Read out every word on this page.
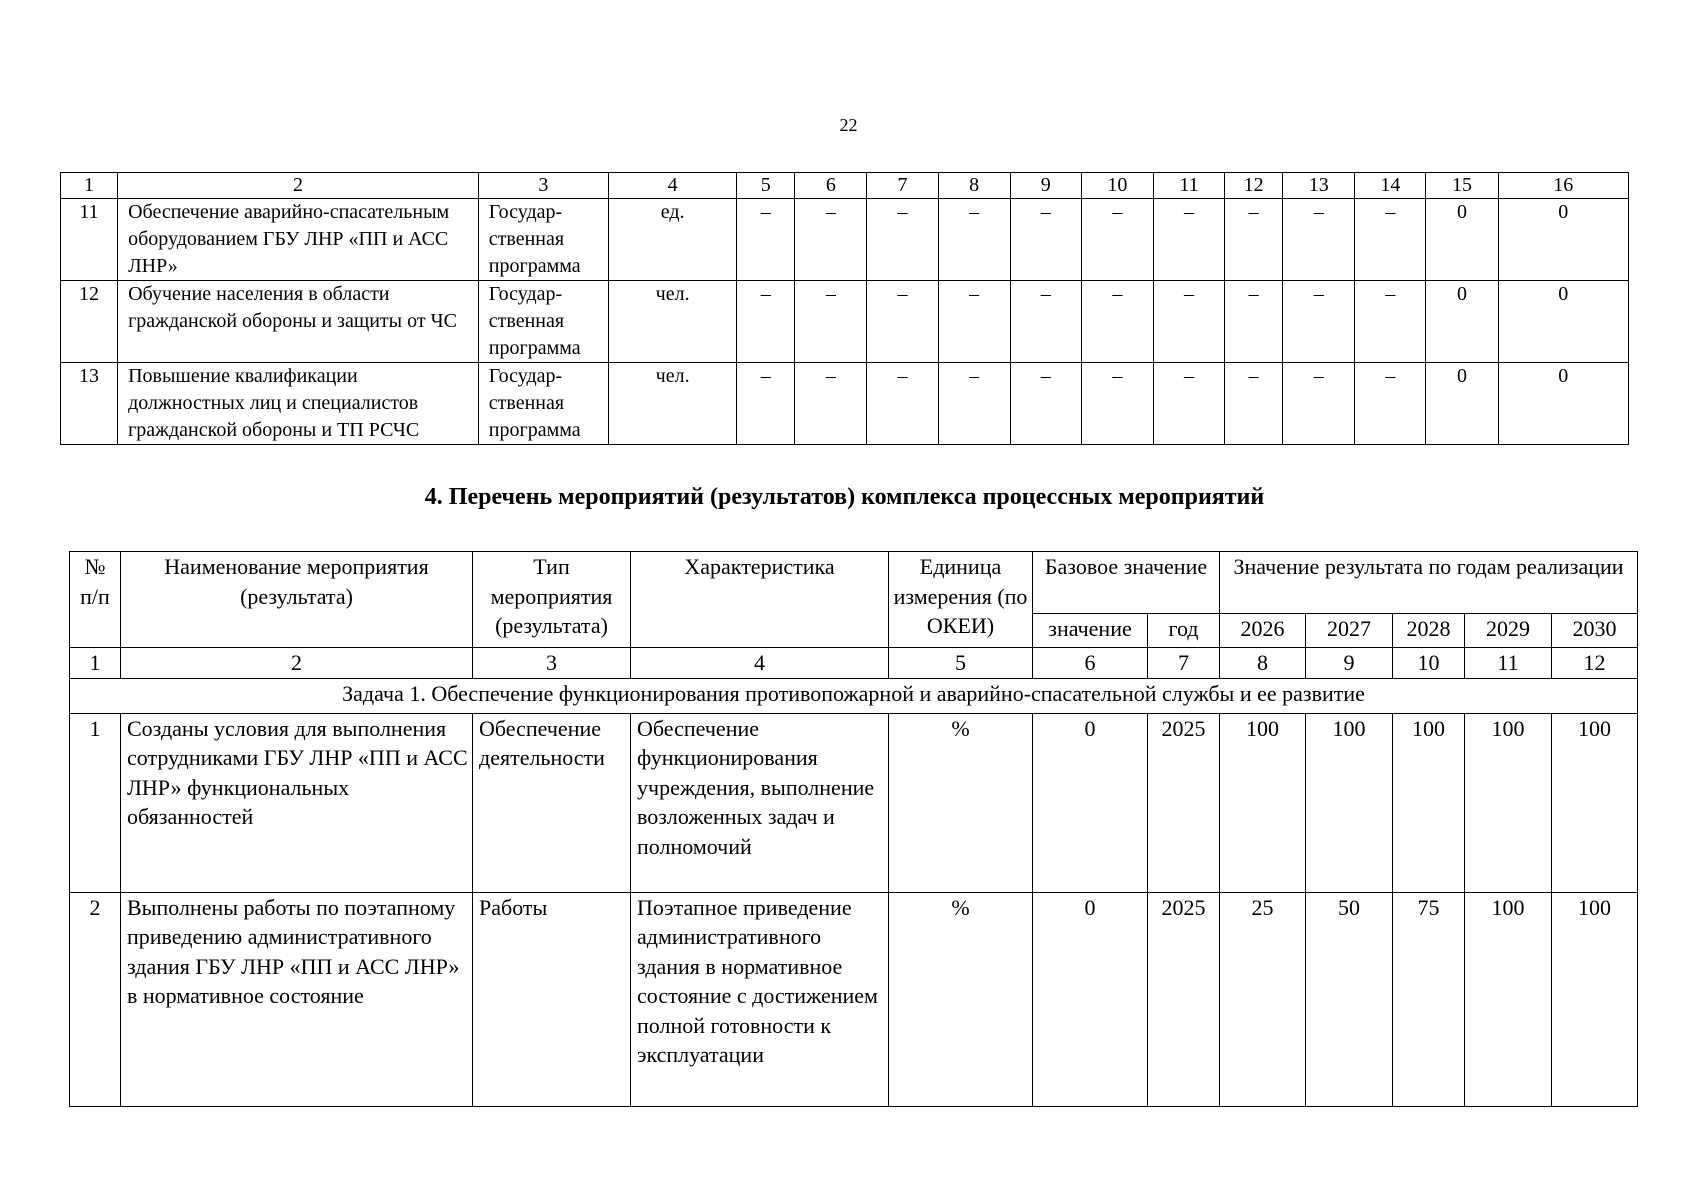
22
1	2	3	4	5	6	7	8	9	10	11	12	13	14	15	16
11	Обеспечение аварийно-спасательным оборудованием ГБУ ЛНР «ПП и АСС ЛНР»	Государ-ственная программа	ед.	–	–	–	–	–	–	–	–	–	–	0	0
12	Обучение населения в области гражданской обороны и защиты от ЧС	Государ-ственная программа	чел.	–	–	–	–	–	–	–	–	–	–	0	0
13	Повышение квалификации должностных лиц и специалистов гражданской обороны и ТП РСЧС	Государ-ственная программа	чел.	–	–	–	–	–	–	–	–	–	–	0	0
4. Перечень мероприятий (результатов) комплекса процессных мероприятий
№ п/п	Наименование мероприятия (результата)	Тип мероприятия (результата)	Характеристика	Единица измерения (по ОКЕИ)	Базовое значение		Значение результата по годам реализации				
					значение	год	2026	2027	2028	2029	2030
1	2	3	4	5	6	7	8	9	10	11	12
Задача 1. Обеспечение функционирования противопожарной и аварийно-спасательной службы и ее развитие											
1	Созданы условия для выполнения сотрудниками ГБУ ЛНР «ПП и АСС ЛНР» функциональных обязанностей	Обеспечение деятельности	Обеспечение функционирования учреждения, выполнение возложенных задач и полномочий	%	0	2025	100	100	100	100	100
2	Выполнены работы по поэтапному приведению административного здания ГБУ ЛНР «ПП и АСС ЛНР» в нормативное состояние	Работы	Поэтапное приведение административного здания в нормативное состояние с достижением полной готовности к эксплуатации	%	0	2025	25	50	75	100	100
